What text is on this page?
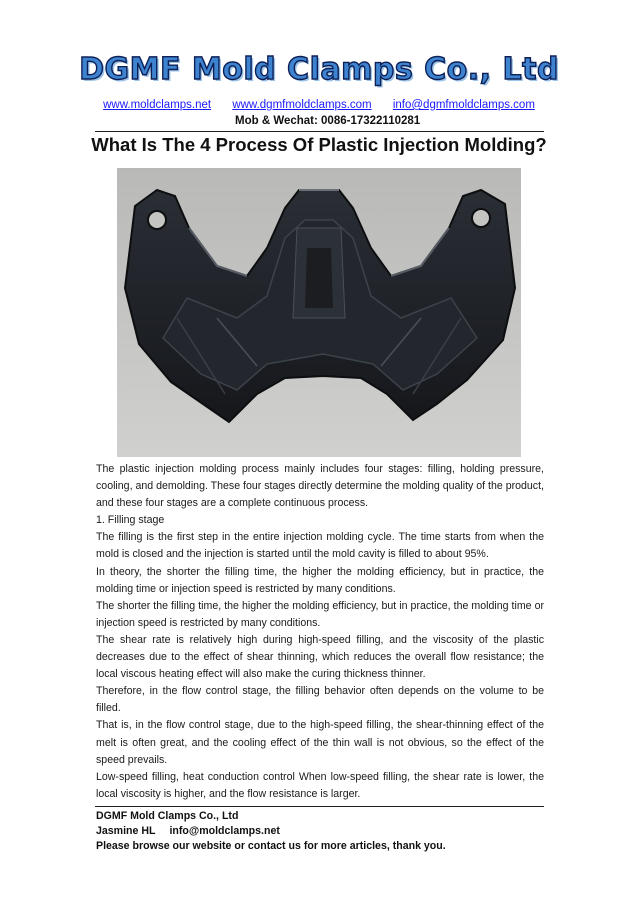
DGMF Mold Clamps Co., Ltd
www.moldclamps.net www.dgmfmoldclamps.com info@dgmfmoldclamps.com
Mob & Wechat: 0086-17322110281
What Is The 4 Process Of Plastic Injection Molding?

The plastic injection molding process mainly includes four stages: filling, holding pressure, cooling, and demolding. These four stages directly determine the molding quality of the product, and these four stages are a complete continuous process.

1. Filling stage

The filling is the first step in the entire injection molding cycle. The time starts from when the mold is closed and the injection is started until the mold cavity is filled to about 95%.

In theory, the shorter the filling time, the higher the molding efficiency, but in practice, the molding time or injection speed is restricted by many conditions.

The shorter the filling time, the higher the molding efficiency, but in practice, the molding time or injection speed is restricted by many conditions.

The shear rate is relatively high during high-speed filling, and the viscosity of the plastic decreases due to the effect of shear thinning, which reduces the overall flow resistance; the local viscous heating effect will also make the curing thickness thinner.

Therefore, in the flow control stage, the filling behavior often depends on the volume to be filled.

That is, in the flow control stage, due to the high-speed filling, the shear-thinning effect of the melt is often great, and the cooling effect of the thin wall is not obvious, so the effect of the speed prevails.

Low-speed filling, heat conduction control When low-speed filling, the shear rate is lower, the local viscosity is higher, and the flow resistance is larger.

DGMF Mold Clamps Co., Ltd
Jasmine HL info@moldclamps.net
Please browse our website or contact us for more articles, thank you.
